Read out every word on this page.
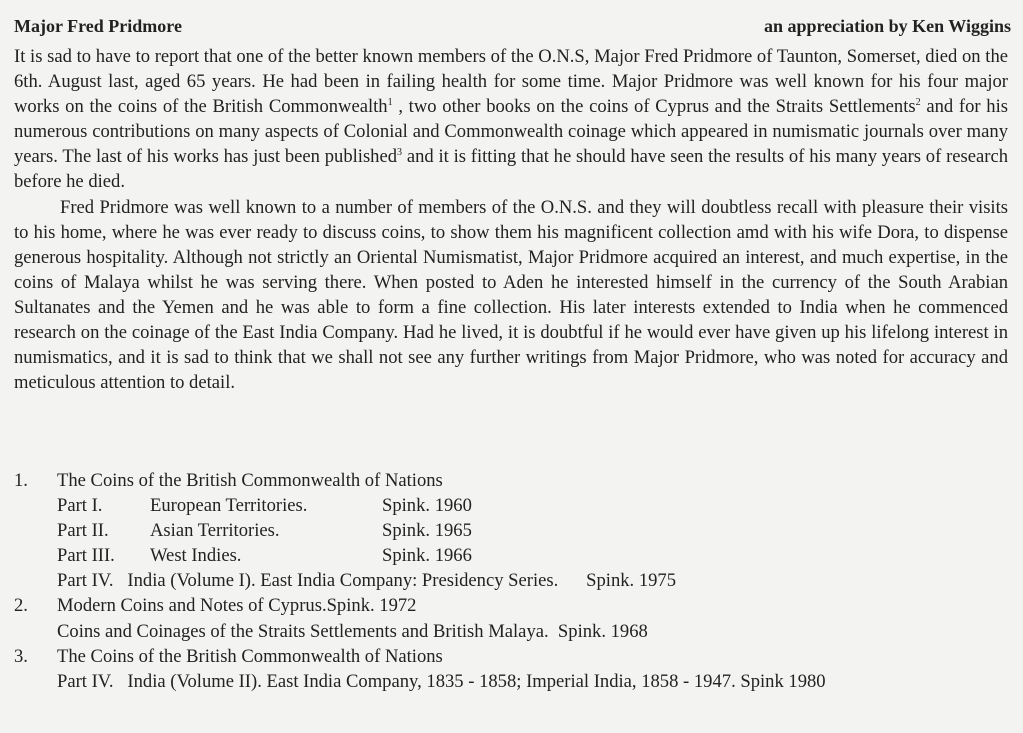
Major Fred Pridmore	an appreciation by Ken Wiggins

It is sad to have to report that one of the better known members of the O.N.S, Major Fred Pridmore of Taunton, Somerset, died on the 6th. August last, aged 65 years. He had been in failing health for some time. Major Pridmore was well known for his four major works on the coins of the British Commonwealth$^1$ , two other books on the coins of Cyprus and the Straits Settlements$^2$ and for his numerous contributions on many aspects of Colonial and Commonwealth coinage which appeared in numismatic journals over many years. The last of his works has just been published$^3$ and it is fitting that he should have seen the results of his many years of research before he died.

Fred Pridmore was well known to a number of members of the O.N.S. and they will doubtless recall with pleasure their visits to his home, where he was ever ready to discuss coins, to show them his magnificent collection amd with his wife Dora, to dispense generous hospitality. Although not strictly an Oriental Numismatist, Major Pridmore acquired an interest, and much expertise, in the coins of Malaya whilst he was serving there. When posted to Aden he interested himself in the currency of the South Arabian Sultanates and the Yemen and he was able to form a fine collection. His later interests extended to India when he commenced research on the coinage of the East India Company. Had he lived, it is doubtful if he would ever have given up his lifelong interest in numismatics, and it is sad to think that we shall not see any further writings from Major Pridmore, who was noted for accuracy and meticulous attention to detail.

1.	The Coins of the British Commonwealth of Nations
Part I.	European Territories.	Spink. 1960
Part II.	Asian Territories.	Spink. 1965
Part III.	West Indies.	Spink. 1966
Part IV.   India (Volume I). East India Company: Presidency Series.      Spink. 1975
2.	Modern Coins and Notes of Cyprus.Spink. 1972
Coins and Coinages of the Straits Settlements and British Malaya.  Spink. 1968
3.	The Coins of the British Commonwealth of Nations
Part IV.   India (Volume II). East India Company, 1835 - 1858; Imperial India, 1858 - 1947. Spink 1980
